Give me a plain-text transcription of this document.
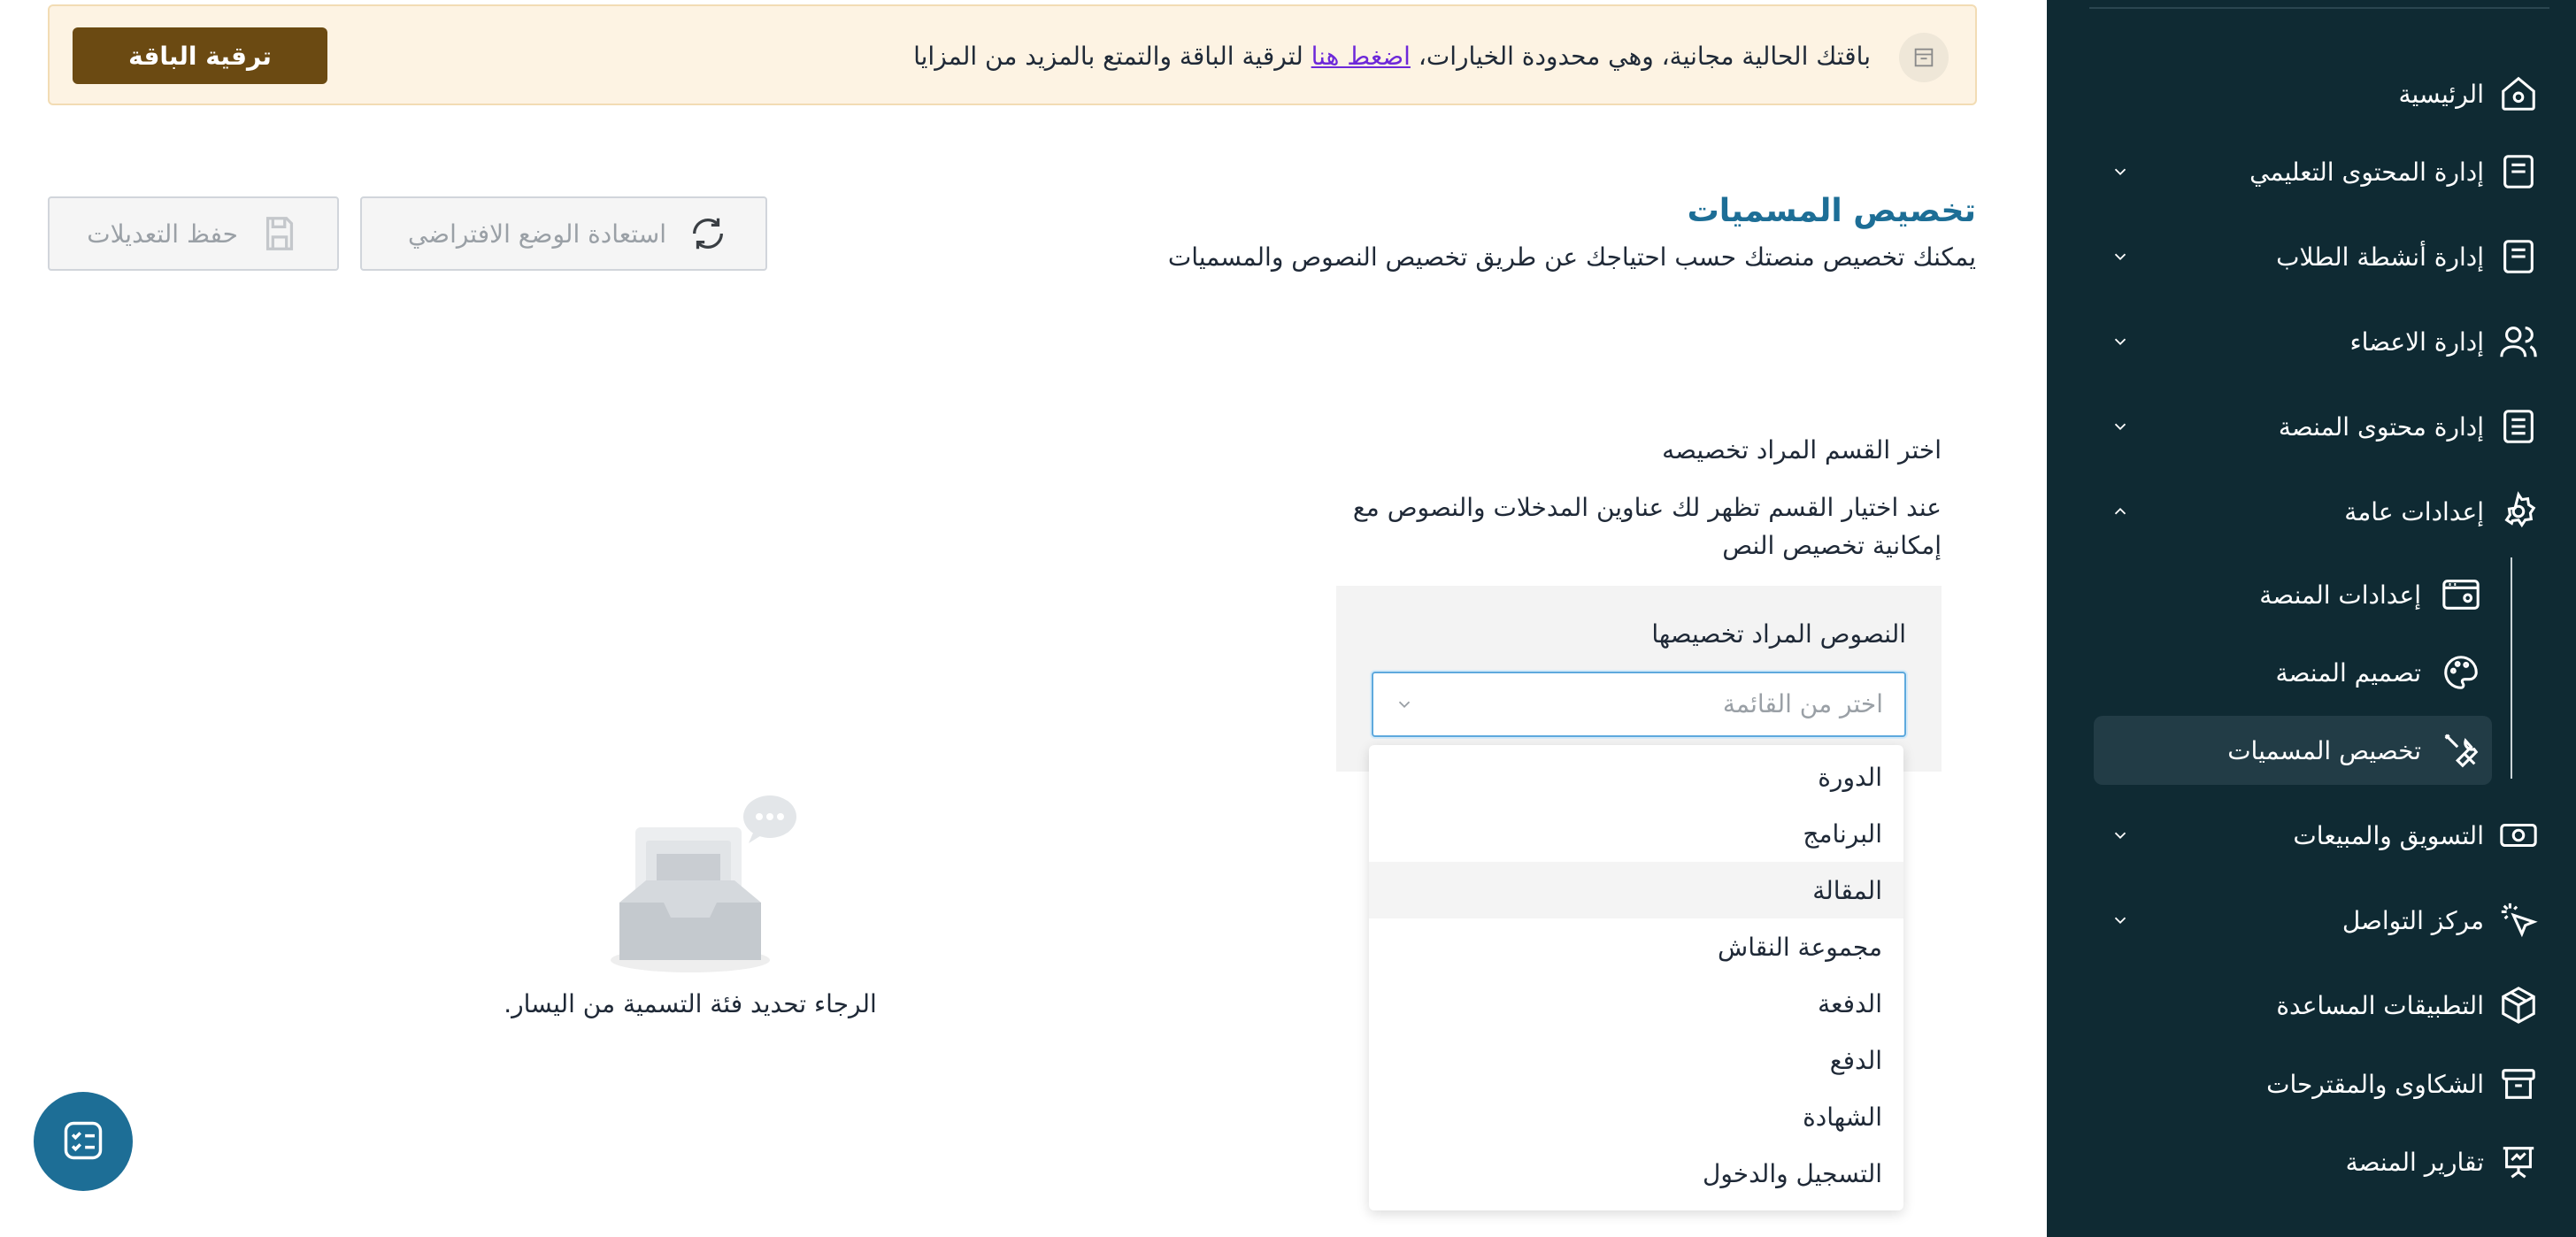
الرئيسية
إدارة المحتوى التعليمي
إدارة أنشطة الطلاب
إدارة الاعضاء
إدارة محتوى المنصة
إعدادات عامة
إعدادات المنصة
تصميم المنصة
تخصيص المسميات
التسويق والمبيعات
مركز التواصل
التطبيقات المساعدة
الشكاوى والمقترحات
تقارير المنصة
باقتك الحالية مجانية، وهي محدودة الخيارات، اضغط هنا لترقية الباقة والتمتع بالمزيد من المزايا
ترقية الباقة
تخصيص المسميات

يمكنك تخصيص منصتك حسب احتياجك عن طريق تخصيص النصوص والمسميات

استعادة الوضع الافتراضي
حفظ التعديلات
اختر القسم المراد تخصيصه
عند اختيار القسم تظهر لك عناوين المدخلات والنصوص مع إمكانية تخصيص النص
النصوص المراد تخصيصها
اختر من القائمة
الدورة
البرنامج
المقالة
مجموعة النقاش
الدفعة
الدفع
الشهادة
التسجيل والدخول
الرجاء تحديد فئة التسمية من اليسار.
